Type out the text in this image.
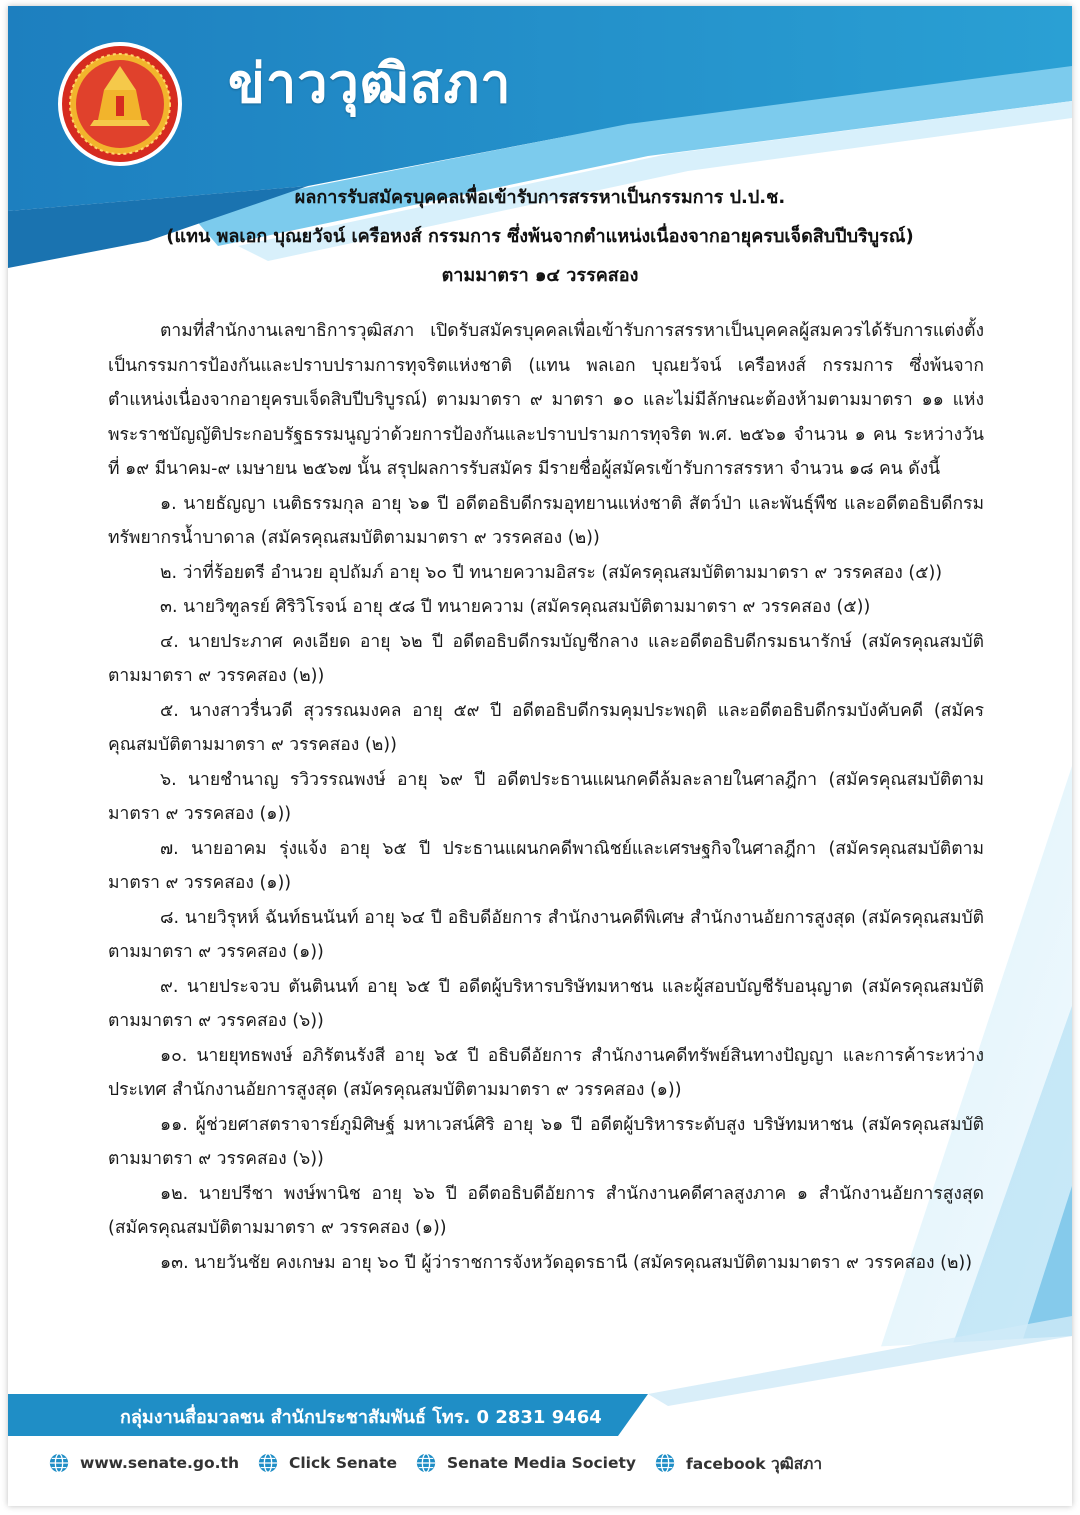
ข่าววุฒิสภา
ผลการรับสมัครบุคคลเพื่อเข้ารับการสรรหาเป็นกรรมการ ป.ป.ช.
(แทน พลเอก บุณยวัจน์ เครือหงส์ กรรมการ ซึ่งพ้นจากตำแหน่งเนื่องจากอายุครบเจ็ดสิบปีบริบูรณ์)
ตามมาตรา ๑๔ วรรคสอง

ตามที่สำนักงานเลขาธิการวุฒิสภา เปิดรับสมัครบุคคลเพื่อเข้ารับการสรรหาเป็นบุคคลผู้สมควรได้รับการแต่งตั้งเป็นกรรมการป้องกันและปราบปรามการทุจริตแห่งชาติ (แทน พลเอก บุณยวัจน์ เครือหงส์ กรรมการ ซึ่งพ้นจากตำแหน่งเนื่องจากอายุครบเจ็ดสิบปีบริบูรณ์) ตามมาตรา ๙ มาตรา ๑๐ และไม่มีลักษณะต้องห้ามตามมาตรา ๑๑ แห่งพระราชบัญญัติประกอบรัฐธรรมนูญว่าด้วยการป้องกันและปราบปรามการทุจริต พ.ศ. ๒๕๖๑ จำนวน ๑ คน ระหว่างวันที่ ๑๙ มีนาคม-๙ เมษายน ๒๕๖๗ นั้น สรุปผลการรับสมัคร มีรายชื่อผู้สมัครเข้ารับการสรรหา จำนวน ๑๘ คน ดังนี้

๑. นายธัญญา เนติธรรมกุล อายุ ๖๑ ปี อดีตอธิบดีกรมอุทยานแห่งชาติ สัตว์ป่า และพันธุ์พืช และอดีตอธิบดีกรมทรัพยากรน้ำบาดาล (สมัครคุณสมบัติตามมาตรา ๙ วรรคสอง (๒))

๒. ว่าที่ร้อยตรี อำนวย อุปถัมภ์ อายุ ๖๐ ปี ทนายความอิสระ (สมัครคุณสมบัติตามมาตรา ๙ วรรคสอง (๕))

๓. นายวิฑูลรย์ ศิริวิโรจน์ อายุ ๕๘ ปี ทนายความ (สมัครคุณสมบัติตามมาตรา ๙ วรรคสอง (๕))

๔. นายประภาศ คงเอียด อายุ ๖๒ ปี อดีตอธิบดีกรมบัญชีกลาง และอดีตอธิบดีกรมธนารักษ์ (สมัครคุณสมบัติตามมาตรา ๙ วรรคสอง (๒))

๕. นางสาวรื่นวดี สุวรรณมงคล อายุ ๕๙ ปี อดีตอธิบดีกรมคุมประพฤติ และอดีตอธิบดีกรมบังคับคดี (สมัครคุณสมบัติตามมาตรา ๙ วรรคสอง (๒))

๖. นายชำนาญ รวิวรรณพงษ์ อายุ ๖๙ ปี อดีตประธานแผนกคดีล้มละลายในศาลฎีกา (สมัครคุณสมบัติตามมาตรา ๙ วรรคสอง (๑))

๗. นายอาคม รุ่งแจ้ง อายุ ๖๕ ปี ประธานแผนกคดีพาณิชย์และเศรษฐกิจในศาลฎีกา (สมัครคุณสมบัติตามมาตรา ๙ วรรคสอง (๑))

๘. นายวิรุหห์ ฉันท์ธนนันท์ อายุ ๖๔ ปี อธิบดีอัยการ สำนักงานคดีพิเศษ สำนักงานอัยการสูงสุด (สมัครคุณสมบัติตามมาตรา ๙ วรรคสอง (๑))

๙. นายประจวบ ตันตินนท์ อายุ ๖๕ ปี อดีตผู้บริหารบริษัทมหาชน และผู้สอบบัญชีรับอนุญาต (สมัครคุณสมบัติตามมาตรา ๙ วรรคสอง (๖))

๑๐. นายยุทธพงษ์ อภิรัตนรังสี อายุ ๖๕ ปี อธิบดีอัยการ สำนักงานคดีทรัพย์สินทางปัญญา และการค้าระหว่างประเทศ สำนักงานอัยการสูงสุด (สมัครคุณสมบัติตามมาตรา ๙ วรรคสอง (๑))

๑๑. ผู้ช่วยศาสตราจารย์ภูมิศิษฐ์ มหาเวสน์ศิริ อายุ ๖๑ ปี อดีตผู้บริหารระดับสูง บริษัทมหาชน (สมัครคุณสมบัติตามมาตรา ๙ วรรคสอง (๖))

๑๒. นายปรีชา พงษ์พานิช อายุ ๖๖ ปี อดีตอธิบดีอัยการ สำนักงานคดีศาลสูงภาค ๑ สำนักงานอัยการสูงสุด (สมัครคุณสมบัติตามมาตรา ๙ วรรคสอง (๑))

๑๓. นายวันชัย คงเกษม อายุ ๖๐ ปี ผู้ว่าราชการจังหวัดอุดรธานี (สมัครคุณสมบัติตามมาตรา ๙ วรรคสอง (๒))

กลุ่มงานสื่อมวลชน สำนักประชาสัมพันธ์ โทร. 0 2831 9464
www.senate.go.th	Click Senate	Senate Media Society	facebook วุฒิสภา
